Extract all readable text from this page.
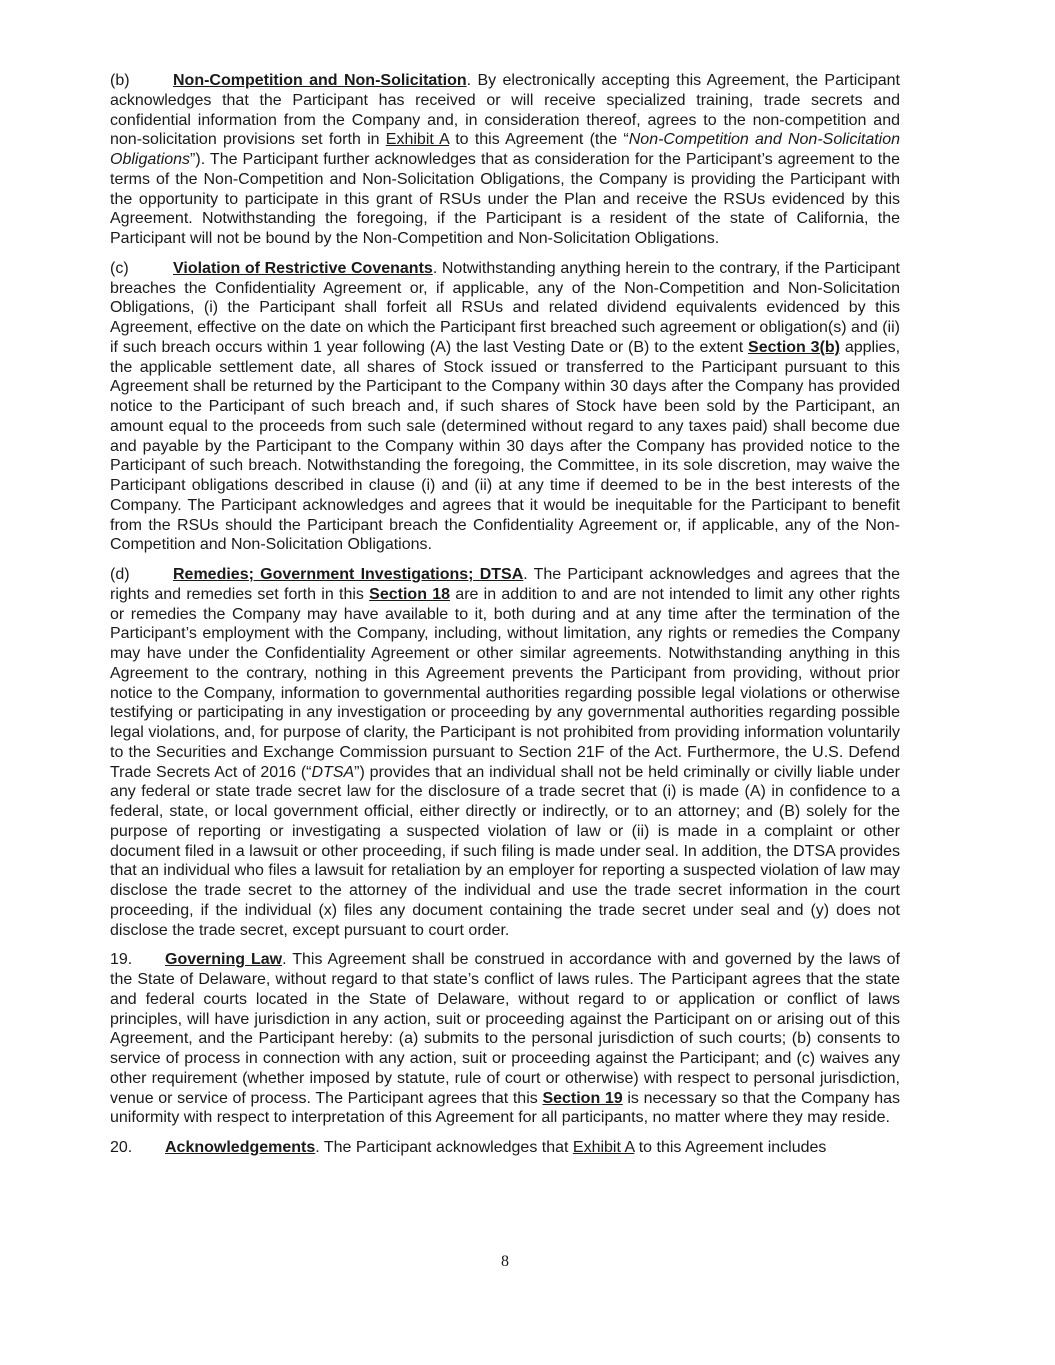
(b)	Non-Competition and Non-Solicitation. By electronically accepting this Agreement, the Participant acknowledges that the Participant has received or will receive specialized training, trade secrets and confidential information from the Company and, in consideration thereof, agrees to the non-competition and non-solicitation provisions set forth in Exhibit A to this Agreement (the “Non-Competition and Non-Solicitation Obligations”). The Participant further acknowledges that as consideration for the Participant’s agreement to the terms of the Non-Competition and Non-Solicitation Obligations, the Company is providing the Participant with the opportunity to participate in this grant of RSUs under the Plan and receive the RSUs evidenced by this Agreement. Notwithstanding the foregoing, if the Participant is a resident of the state of California, the Participant will not be bound by the Non-Competition and Non-Solicitation Obligations.

(c)	Violation of Restrictive Covenants. Notwithstanding anything herein to the contrary, if the Participant breaches the Confidentiality Agreement or, if applicable, any of the Non-Competition and Non-Solicitation Obligations, (i) the Participant shall forfeit all RSUs and related dividend equivalents evidenced by this Agreement, effective on the date on which the Participant first breached such agreement or obligation(s) and (ii) if such breach occurs within 1 year following (A) the last Vesting Date or (B) to the extent Section 3(b) applies, the applicable settlement date, all shares of Stock issued or transferred to the Participant pursuant to this Agreement shall be returned by the Participant to the Company within 30 days after the Company has provided notice to the Participant of such breach and, if such shares of Stock have been sold by the Participant, an amount equal to the proceeds from such sale (determined without regard to any taxes paid) shall become due and payable by the Participant to the Company within 30 days after the Company has provided notice to the Participant of such breach. Notwithstanding the foregoing, the Committee, in its sole discretion, may waive the Participant obligations described in clause (i) and (ii) at any time if deemed to be in the best interests of the Company. The Participant acknowledges and agrees that it would be inequitable for the Participant to benefit from the RSUs should the Participant breach the Confidentiality Agreement or, if applicable, any of the Non-Competition and Non-Solicitation Obligations.

(d)	Remedies; Government Investigations; DTSA. The Participant acknowledges and agrees that the rights and remedies set forth in this Section 18 are in addition to and are not intended to limit any other rights or remedies the Company may have available to it, both during and at any time after the termination of the Participant’s employment with the Company, including, without limitation, any rights or remedies the Company may have under the Confidentiality Agreement or other similar agreements. Notwithstanding anything in this Agreement to the contrary, nothing in this Agreement prevents the Participant from providing, without prior notice to the Company, information to governmental authorities regarding possible legal violations or otherwise testifying or participating in any investigation or proceeding by any governmental authorities regarding possible legal violations, and, for purpose of clarity, the Participant is not prohibited from providing information voluntarily to the Securities and Exchange Commission pursuant to Section 21F of the Act. Furthermore, the U.S. Defend Trade Secrets Act of 2016 (“DTSA”) provides that an individual shall not be held criminally or civilly liable under any federal or state trade secret law for the disclosure of a trade secret that (i) is made (A) in confidence to a federal, state, or local government official, either directly or indirectly, or to an attorney; and (B) solely for the purpose of reporting or investigating a suspected violation of law or (ii) is made in a complaint or other document filed in a lawsuit or other proceeding, if such filing is made under seal. In addition, the DTSA provides that an individual who files a lawsuit for retaliation by an employer for reporting a suspected violation of law may disclose the trade secret to the attorney of the individual and use the trade secret information in the court proceeding, if the individual (x) files any document containing the trade secret under seal and (y) does not disclose the trade secret, except pursuant to court order.

19. Governing Law. This Agreement shall be construed in accordance with and governed by the laws of the State of Delaware, without regard to that state’s conflict of laws rules. The Participant agrees that the state and federal courts located in the State of Delaware, without regard to or application or conflict of laws principles, will have jurisdiction in any action, suit or proceeding against the Participant on or arising out of this Agreement, and the Participant hereby: (a) submits to the personal jurisdiction of such courts; (b) consents to service of process in connection with any action, suit or proceeding against the Participant; and (c) waives any other requirement (whether imposed by statute, rule of court or otherwise) with respect to personal jurisdiction, venue or service of process. The Participant agrees that this Section 19 is necessary so that the Company has uniformity with respect to interpretation of this Agreement for all participants, no matter where they may reside.

20. Acknowledgements. The Participant acknowledges that Exhibit A to this Agreement includes

8
